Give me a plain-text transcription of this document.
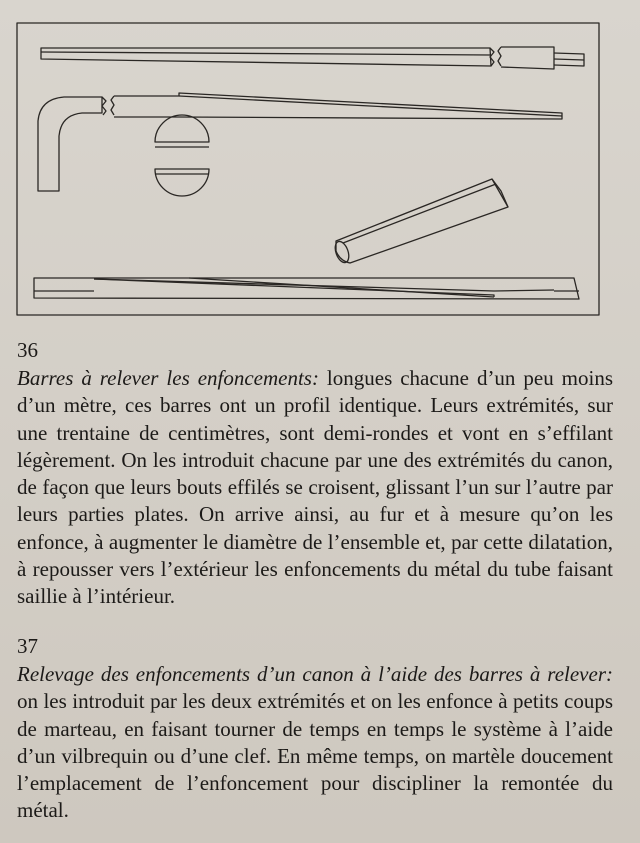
36
Barres à relever les enfoncements: longues chacune d’un peu moins d’un mètre, ces barres ont un profil identique. Leurs extrémités, sur une trentaine de centimètres, sont demi-rondes et vont en s’effilant légèrement. On les introduit chacune par une des extrémités du canon, de façon que leurs bouts effilés se croisent, glissant l’un sur l’autre par leurs parties plates. On arrive ainsi, au fur et à mesure qu’on les enfonce, à augmenter le diamètre de l’ensemble et, par cette dilatation, à repousser vers l’extérieur les enfoncements du métal du tube faisant saillie à l’intérieur.
37
Relevage des enfoncements d’un canon à l’aide des barres à relever: on les introduit par les deux extrémités et on les enfonce à petits coups de marteau, en faisant tourner de temps en temps le système à l’aide d’un vilbrequin ou d’une clef. En même temps, on martèle doucement l’emplacement de l’enfoncement pour discipliner la remontée du métal.
